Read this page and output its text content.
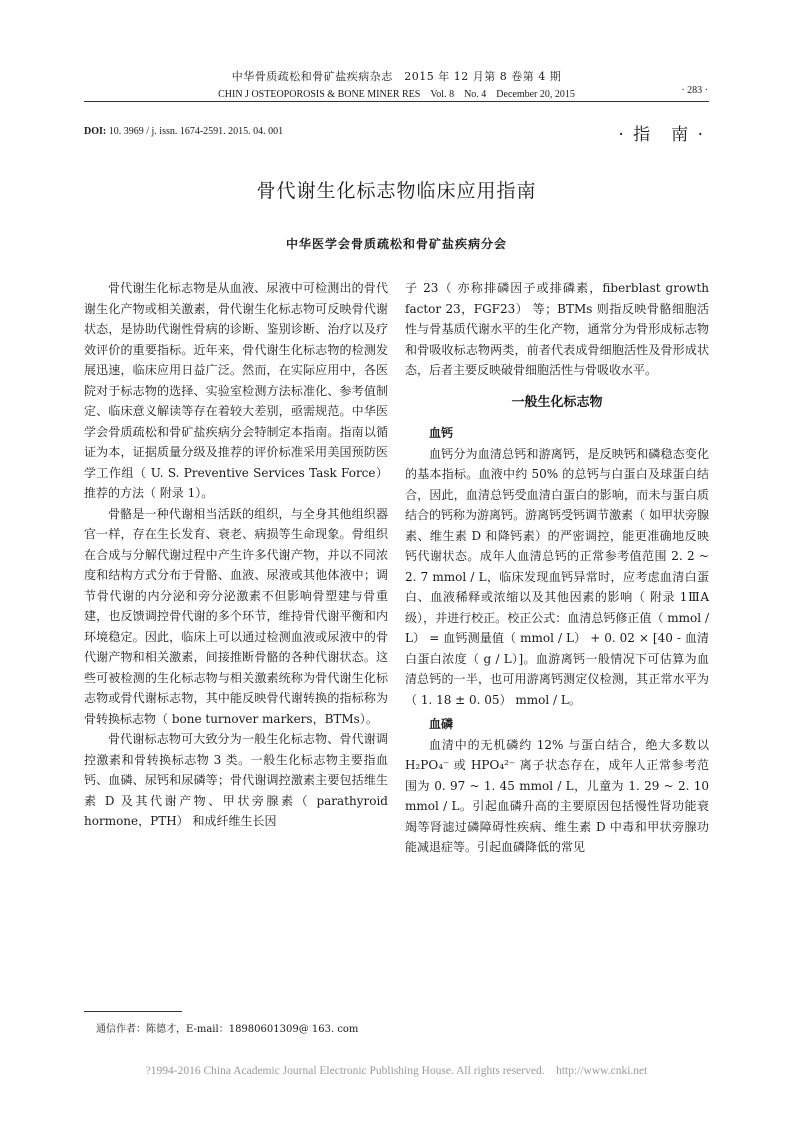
中华骨质疏松和骨矿盐疾病杂志　2015 年 12 月第 8 卷第 4 期
CHIN J OSTEOPOROSIS & BONE MINER RES　Vol. 8　No. 4　December 20, 2015	· 283 ·
DOI: 10. 3969 / j. issn. 1674-2591. 2015. 04. 001	· 指　南 ·
骨代谢生化标志物临床应用指南
中华医学会骨质疏松和骨矿盐疾病分会

骨代谢生化标志物是从血液、尿液中可检测出的骨代谢生化产物或相关激素，骨代谢生化标志物可反映骨代谢状态，是协助代谢性骨病的诊断、鉴别诊断、治疗以及疗效评价的重要指标。近年来，骨代谢生化标志物的检测发展迅速，临床应用日益广泛。然而，在实际应用中，各医院对于标志物的选择、实验室检测方法标准化、参考值制定、临床意义解读等存在着较大差别，亟需规范。中华医学会骨质疏松和骨矿盐疾病分会特制定本指南。指南以循证为本，证据质量分级及推荐的评价标准采用美国预防医学工作组（ U. S. Preventive Services Task Force） 推荐的方法（ 附录 1）。

骨骼是一种代谢相当活跃的组织，与全身其他组织器官一样，存在生长发育、衰老、病损等生命现象。骨组织在合成与分解代谢过程中产生许多代谢产物，并以不同浓度和结构方式分布于骨骼、血液、尿液或其他体液中；调节骨代谢的内分泌和旁分泌激素不但影响骨塑建与骨重建，也反馈调控骨代谢的多个环节，维持骨代谢平衡和内环境稳定。因此，临床上可以通过检测血液或尿液中的骨代谢产物和相关激素，间接推断骨骼的各种代谢状态。这些可被检测的生化标志物与相关激素统称为骨代谢生化标志物或骨代谢标志物，其中能反映骨代谢转换的指标称为骨转换标志物（ bone turnover markers，BTMs）。

骨代谢标志物可大致分为一般生化标志物、骨代谢调控激素和骨转换标志物 3 类。一般生化标志物主要指血钙、血磷、尿钙和尿磷等；骨代谢调控激素主要包括维生素 D 及其代谢产物、甲状旁腺素（ parathyroid hormone，PTH） 和成纤维生长因

子 23（ 亦称排磷因子或排磷素，fiberblast growth factor 23，FGF23） 等；BTMs 则指反映骨骼细胞活性与骨基质代谢水平的生化产物，通常分为骨形成标志物和骨吸收标志物两类，前者代表成骨细胞活性及骨形成状态，后者主要反映破骨细胞活性与骨吸收水平。

一般生化标志物
血钙

血钙分为血清总钙和游离钙，是反映钙和磷稳态变化的基本指标。血液中约 50% 的总钙与白蛋白及球蛋白结合，因此，血清总钙受血清白蛋白的影响，而未与蛋白质结合的钙称为游离钙。游离钙受钙调节激素（ 如甲状旁腺素、维生素 D 和降钙素）的严密调控，能更准确地反映钙代谢状态。成年人血清总钙的正常参考值范围 2. 2 ~ 2. 7 mmol / L，临床发现血钙异常时，应考虑血清白蛋白、血液稀释或浓缩以及其他因素的影响（ 附录 1ⅢA 级），并进行校正。校正公式：血清总钙修正值（ mmol / L） = 血钙测量值（ mmol / L） + 0. 02 × [40 - 血清白蛋白浓度（ g / L）]。血游离钙一般情况下可估算为血清总钙的一半，也可用游离钙测定仪检测，其正常水平为（ 1. 18 ± 0. 05） mmol / L。

血磷

血清中的无机磷约 12% 与蛋白结合，绝大多数以 H₂PO₄⁻ 或 HPO₄²⁻ 离子状态存在，成年人正常参考范围为 0. 97 ~ 1. 45 mmol / L，儿童为 1. 29 ~ 2. 10 mmol / L。引起血磷升高的主要原因包括慢性肾功能衰竭等肾滤过磷障碍性疾病、维生素 D 中毒和甲状旁腺功能减退症等。引起血磷降低的常见

通信作者：陈德才，E-mail：18980601309@ 163. com
?1994-2016 China Academic Journal Electronic Publishing House. All rights reserved.　http://www.cnki.net
